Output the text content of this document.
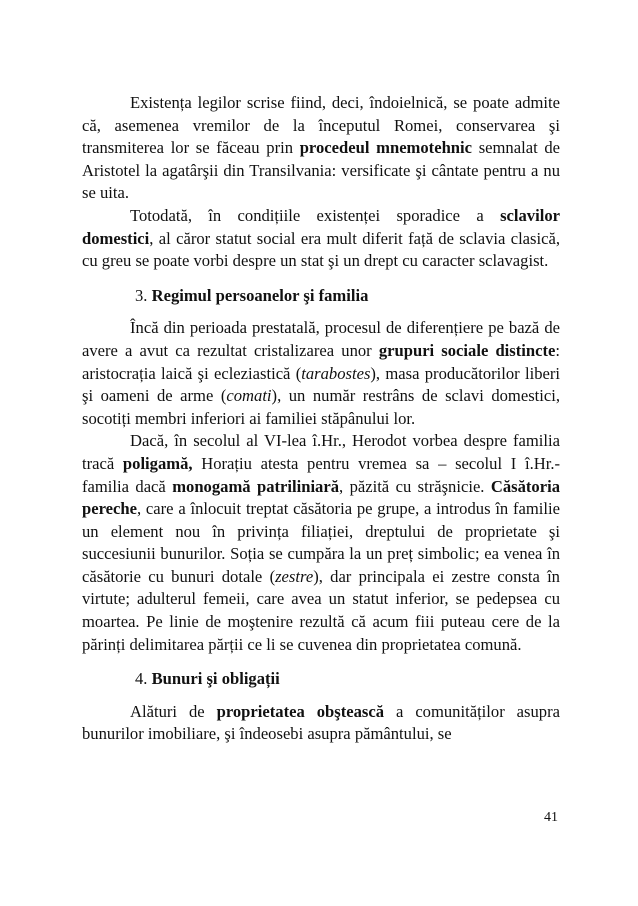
Existența legilor scrise fiind, deci, îndoielnică, se poate admite că, asemenea vremilor de la începutul Romei, conservarea şi transmiterea lor se făceau prin procedeul mnemotehnic semnalat de Aristotel la agatârşii din Transilvania: versificate şi cântate pentru a nu se uita.

Totodată, în condițiile existenței sporadice a sclavilor domestici, al căror statut social era mult diferit față de sclavia clasică, cu greu se poate vorbi despre un stat şi un drept cu caracter sclavagist.

3. Regimul persoanelor şi familia

Încă din perioada prestatală, procesul de diferențiere pe bază de avere a avut ca rezultat cristalizarea unor grupuri sociale distincte: aristocrația laică şi ecleziastică (tarabostes), masa producătorilor liberi şi oameni de arme (comati), un număr restrâns de sclavi domestici, socotiți membri inferiori ai familiei stăpânului lor.

Dacă, în secolul al VI-lea î.Hr., Herodot vorbea despre familia tracă poligamă, Horațiu atesta pentru vremea sa – secolul I î.Hr.- familia dacă monogamă patriliniară, păzită cu străşnicie. Căsătoria pereche, care a înlocuit treptat căsătoria pe grupe, a introdus în familie un element nou în privința filiației, dreptului de proprietate şi succesiunii bunurilor. Soția se cumpăra la un preț simbolic; ea venea în căsătorie cu bunuri dotale (zestre), dar principala ei zestre consta în virtute; adulterul femeii, care avea un statut inferior, se pedepsea cu moartea. Pe linie de moştenire rezultă că acum fiii puteau cere de la părinți delimitarea părții ce li se cuvenea din proprietatea comună.

4. Bunuri şi obligații

Alături de proprietatea obştească a comunităților asupra bunurilor imobiliare, şi îndeosebi asupra pământului, se

41
